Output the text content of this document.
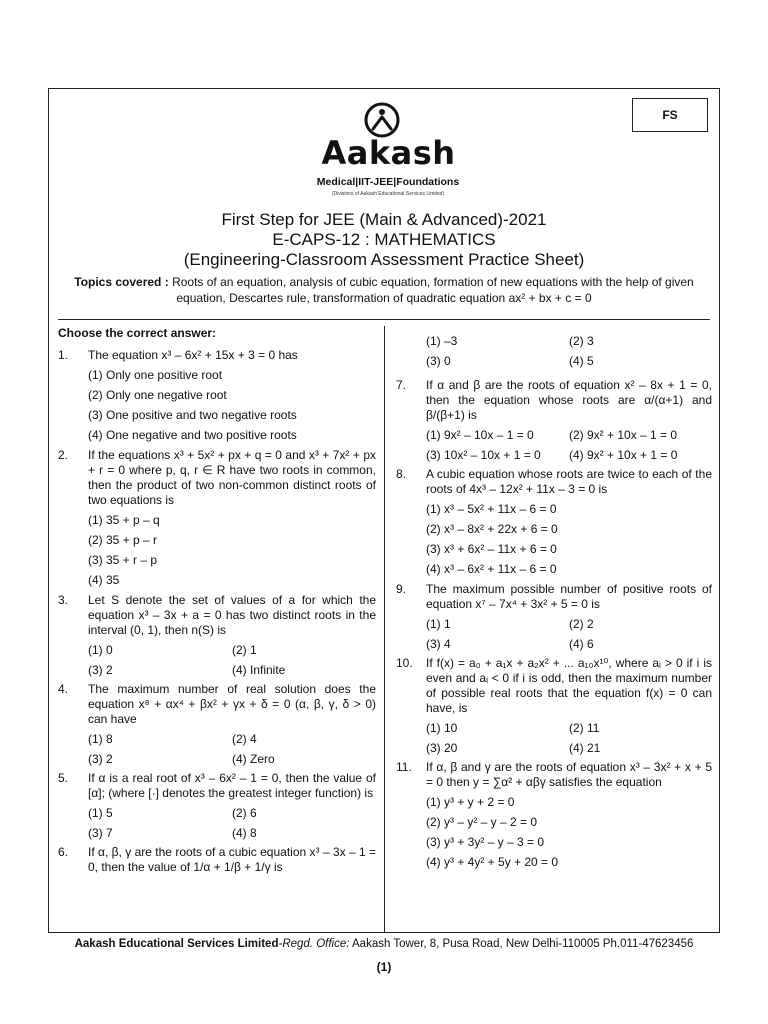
FS
Aakash
Medical|IIT-JEE|Foundations
(Divisions of Aakash Educational Services Limited)
First Step for JEE (Main & Advanced)-2021
E-CAPS-12 : MATHEMATICS
(Engineering-Classroom Assessment Practice Sheet)
Topics covered : Roots of an equation, analysis of cubic equation, formation of new equations with the help of given equation, Descartes rule, transformation of quadratic equation ax² + bx + c = 0
Choose the correct answer:
1. The equation x³ – 6x² + 15x + 3 = 0 has
(1) Only one positive root
(2) Only one negative root
(3) One positive and two negative roots
(4) One negative and two positive roots
2. If the equations x³ + 5x² + px + q = 0 and x³ + 7x² + px + r = 0 where p, q, r ∈ R have two roots in common, then the product of two non-common distinct roots of two equations is
(1) 35 + p – q
(2) 35 + p – r
(3) 35 + r – p
(4) 35
3. Let S denote the set of values of a for which the equation x³ – 3x + a = 0 has two distinct roots in the interval (0, 1), then n(S) is
(1) 0	(2) 1
(3) 2	(4) Infinite
4. The maximum number of real solution does the equation x⁸ + αx⁴ + βx² + γx + δ = 0 (α, β, γ, δ > 0) can have
(1) 8	(2) 4
(3) 2	(4) Zero
5. If α is a real root of x³ – 6x² – 1 = 0, then the value of [α]; (where [·] denotes the greatest integer function) is
(1) 5	(2) 6
(3) 7	(4) 8
6. If α, β, γ are the roots of a cubic equation x³ – 3x – 1 = 0, then the value of 1/α + 1/β + 1/γ is
(1) –3	(2) 3
(3) 0	(4) 5
7. If α and β are the roots of equation x² – 8x + 1 = 0, then the equation whose roots are α/(α+1) and β/(β+1) is
(1) 9x² – 10x – 1 = 0	(2) 9x² + 10x – 1 = 0
(3) 10x² – 10x + 1 = 0	(4) 9x² + 10x + 1 = 0
8. A cubic equation whose roots are twice to each of the roots of 4x³ – 12x² + 11x – 3 = 0 is
(1) x³ – 5x² + 11x – 6 = 0
(2) x³ – 8x² + 22x + 6 = 0
(3) x³ + 6x² – 11x + 6 = 0
(4) x³ – 6x² + 11x – 6 = 0
9. The maximum possible number of positive roots of equation x⁷ – 7x⁴ + 3x² + 5 = 0 is
(1) 1	(2) 2
(3) 4	(4) 6
10. If f(x) = a₀ + a₁x + a₂x² + ... a₁₀x¹⁰, where aᵢ > 0 if i is even and aᵢ < 0 if i is odd, then the maximum number of possible real roots that the equation f(x) = 0 can have, is
(1) 10	(2) 11
(3) 20	(4) 21
11. If α, β and γ are the roots of equation x³ – 3x² + x + 5 = 0 then y = ∑α² + αβγ satisfies the equation
(1) y³ + y + 2 = 0
(2) y³ – y² – y – 2 = 0
(3) y³ + 3y² – y – 3 = 0
(4) y³ + 4y² + 5y + 20 = 0
Aakash Educational Services Limited-Regd. Office: Aakash Tower, 8, Pusa Road, New Delhi-110005 Ph.011-47623456
(1)
